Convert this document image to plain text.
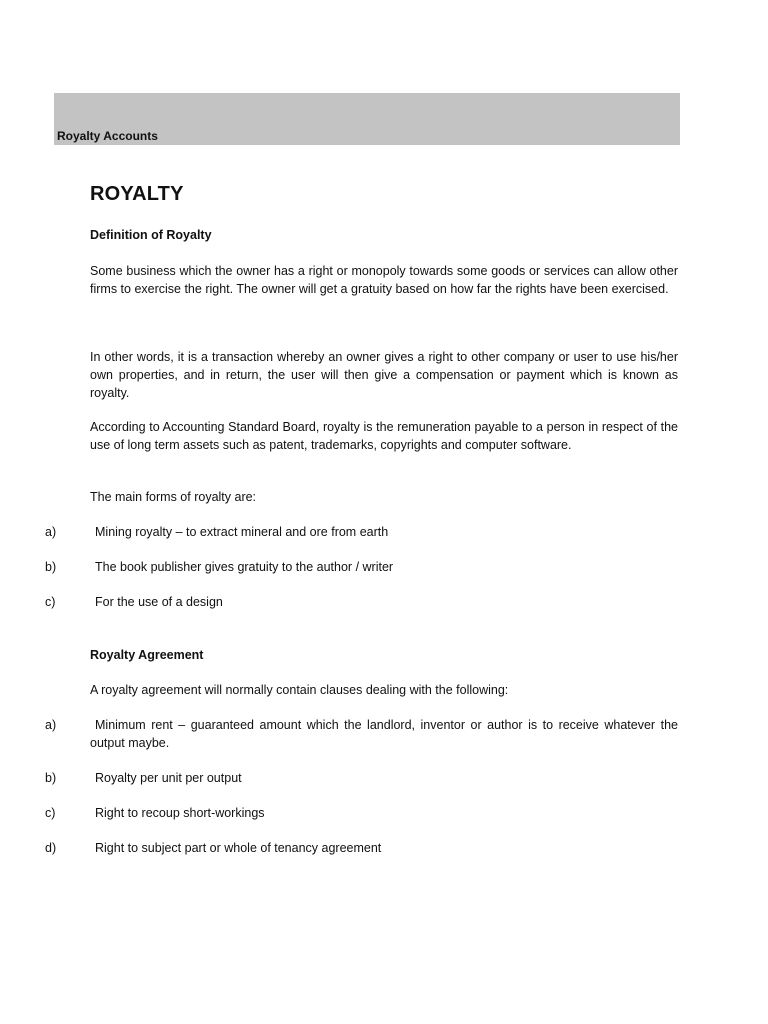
Royalty Accounts
ROYALTY
Definition of Royalty
Some business which the owner has a right or monopoly towards some goods or services can allow other firms to exercise the right. The owner will get a gratuity based on how far the rights have been exercised.
In other words, it is a transaction whereby an owner gives a right to other company or user to use his/her own properties, and in return, the user will then give a compensation or payment which is known as royalty.
According to Accounting Standard Board, royalty is the remuneration payable to a person in respect of the use of long term assets such as patent, trademarks, copyrights and computer software.
The main forms of royalty are:
a)	Mining royalty – to extract mineral and ore from earth
b)	The book publisher gives gratuity to the author / writer
c)	For the use of a design
Royalty Agreement
A royalty agreement will normally contain clauses dealing with the following:
a)	Minimum rent – guaranteed amount which the landlord, inventor or author is to receive whatever the output maybe.
b)	Royalty per unit per output
c)	Right to recoup short-workings
d)	Right to subject part or whole of tenancy agreement
